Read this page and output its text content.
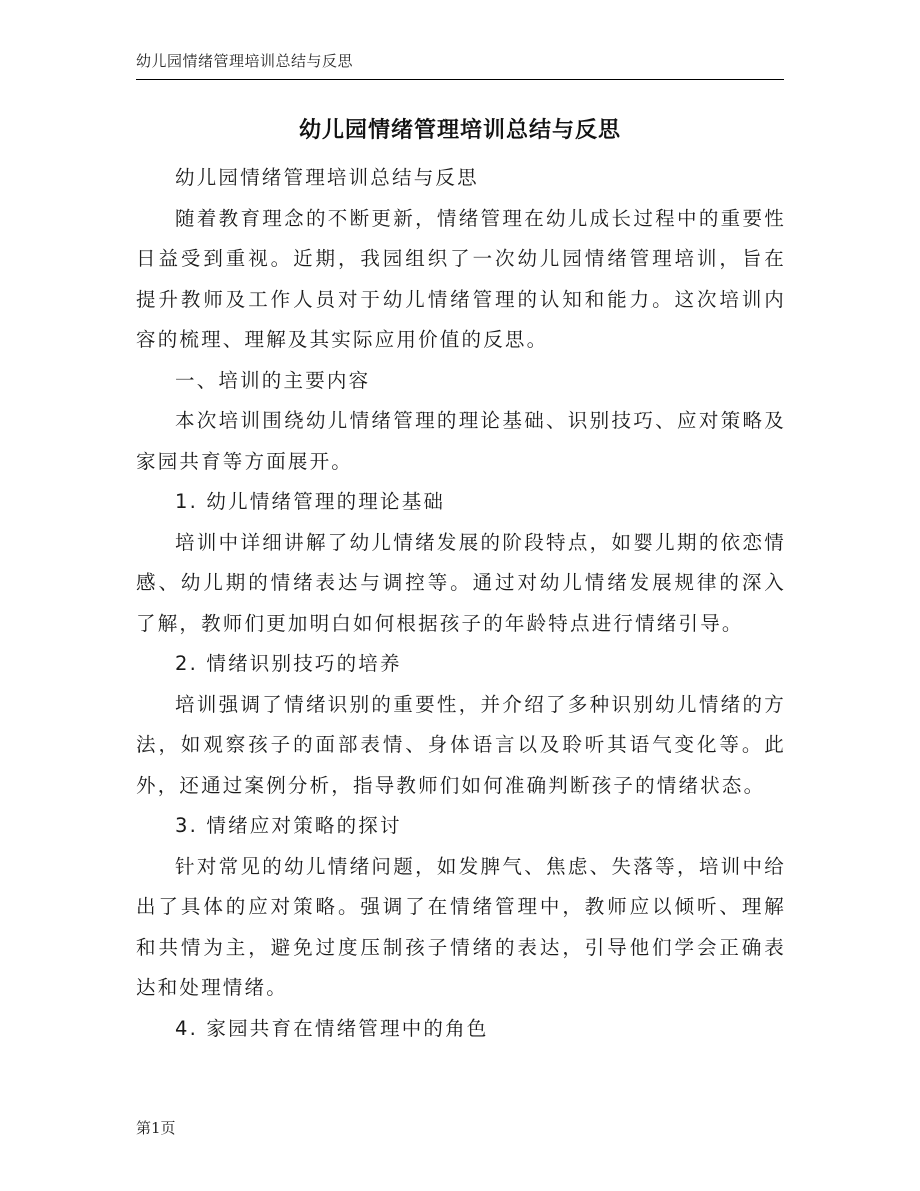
幼儿园情绪管理培训总结与反思
幼儿园情绪管理培训总结与反思

幼儿园情绪管理培训总结与反思

随着教育理念的不断更新，情绪管理在幼儿成长过程中的重要性日益受到重视。近期，我园组织了一次幼儿园情绪管理培训，旨在提升教师及工作人员对于幼儿情绪管理的认知和能力。这次培训内容的梳理、理解及其实际应用价值的反思。

一、培训的主要内容

本次培训围绕幼儿情绪管理的理论基础、识别技巧、应对策略及家园共育等方面展开。

1. 幼儿情绪管理的理论基础

培训中详细讲解了幼儿情绪发展的阶段特点，如婴儿期的依恋情感、幼儿期的情绪表达与调控等。通过对幼儿情绪发展规律的深入了解，教师们更加明白如何根据孩子的年龄特点进行情绪引导。

2. 情绪识别技巧的培养

培训强调了情绪识别的重要性，并介绍了多种识别幼儿情绪的方法，如观察孩子的面部表情、身体语言以及聆听其语气变化等。此外，还通过案例分析，指导教师们如何准确判断孩子的情绪状态。

3. 情绪应对策略的探讨

针对常见的幼儿情绪问题，如发脾气、焦虑、失落等，培训中给出了具体的应对策略。强调了在情绪管理中，教师应以倾听、理解和共情为主，避免过度压制孩子情绪的表达，引导他们学会正确表达和处理情绪。

4. 家园共育在情绪管理中的角色

第1页
